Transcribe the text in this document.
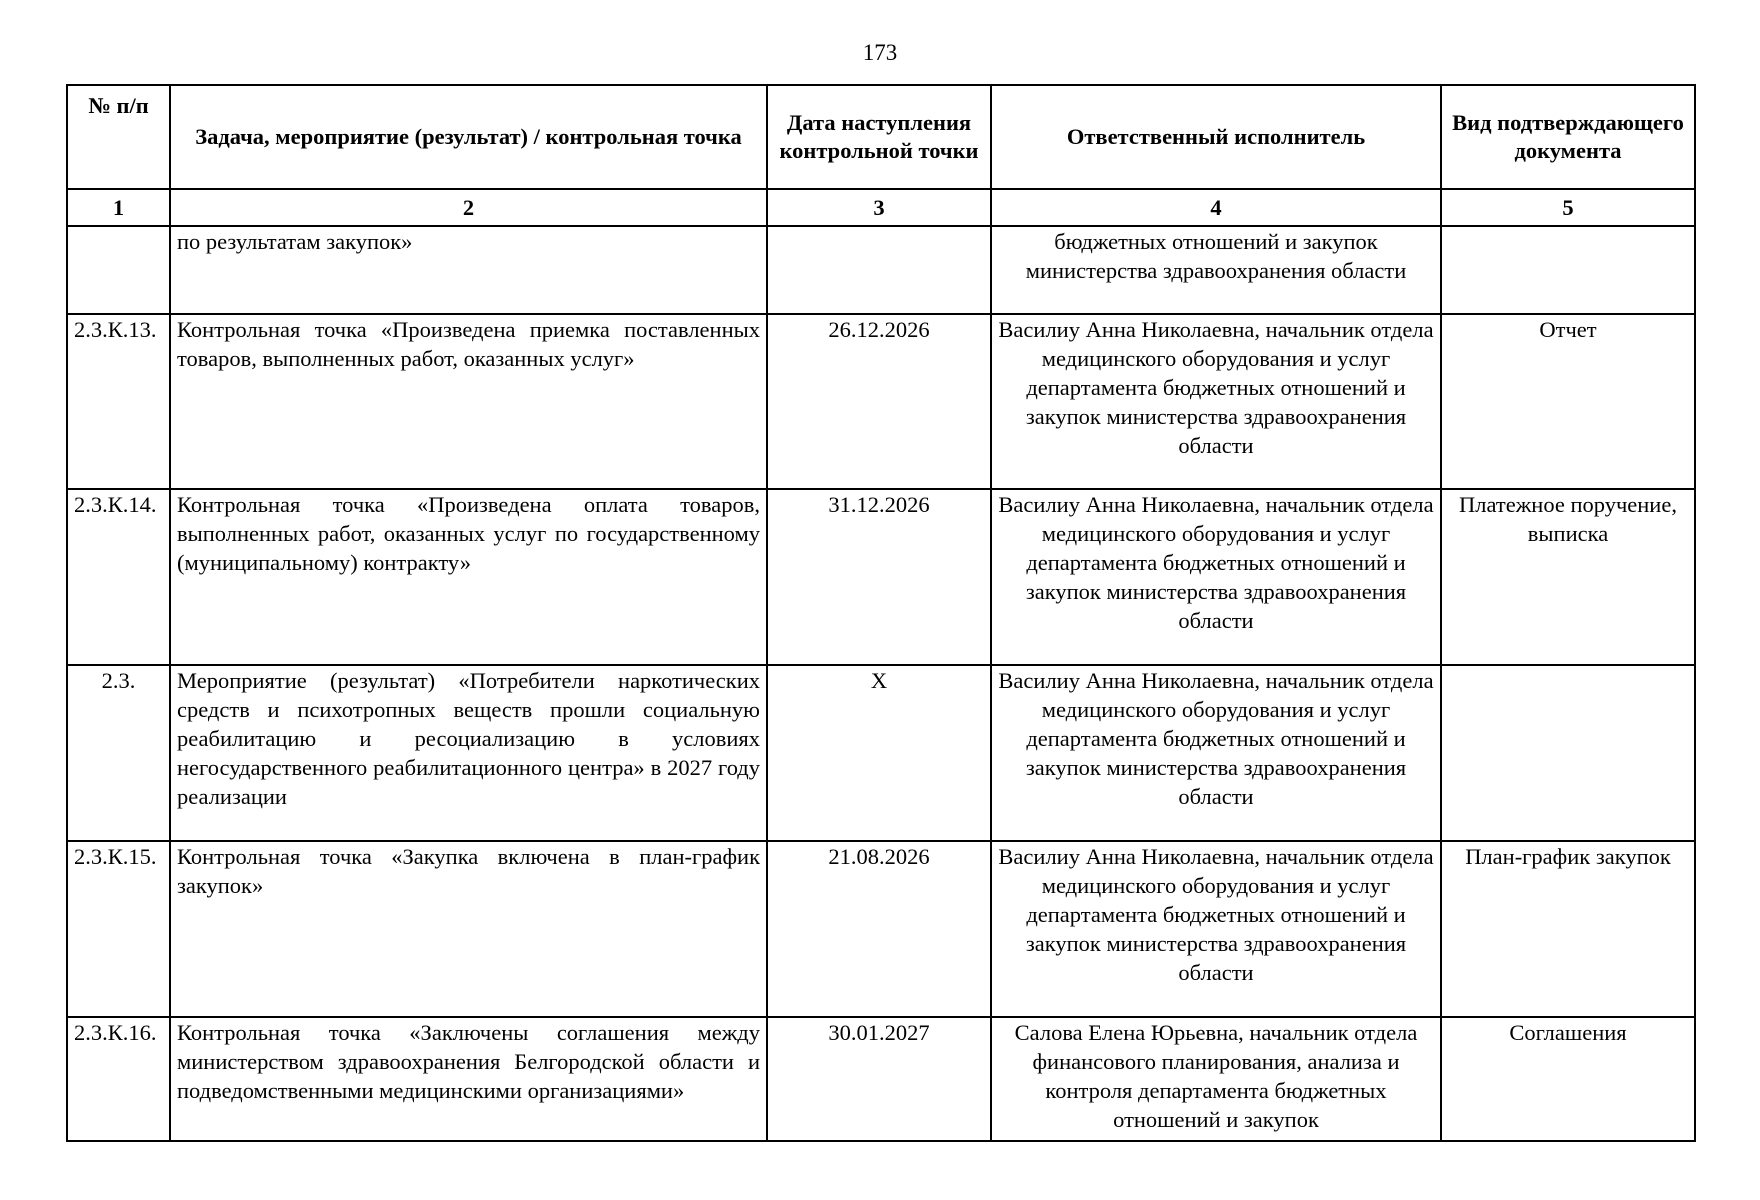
173
№ п/п	Задача, мероприятие (результат) / контрольная точка	Дата наступления контрольной точки	Ответственный исполнитель	Вид подтверждающего документа
1	2	3	4	5
	по результатам закупок»		бюджетных отношений и закупок министерства здравоохранения области	
2.3.К.13.	Контрольная точка «Произведена приемка поставленных товаров, выполненных работ, оказанных услуг»	26.12.2026	Василиу Анна Николаевна, начальник отдела медицинского оборудования и услуг департамента бюджетных отношений и закупок министерства здравоохранения области	Отчет
2.3.К.14.	Контрольная точка «Произведена оплата товаров, выполненных работ, оказанных услуг по государственному (муниципальному) контракту»	31.12.2026	Василиу Анна Николаевна, начальник отдела медицинского оборудования и услуг департамента бюджетных отношений и закупок министерства здравоохранения области	Платежное поручение, выписка
2.3.	Мероприятие (результат) «Потребители наркотических средств и психотропных веществ прошли социальную реабилитацию и ресоциализацию в условиях негосударственного реабилитационного центра» в 2027 году реализации	X	Василиу Анна Николаевна, начальник отдела медицинского оборудования и услуг департамента бюджетных отношений и закупок министерства здравоохранения области	
2.3.К.15.	Контрольная точка «Закупка включена в план-график закупок»	21.08.2026	Василиу Анна Николаевна, начальник отдела медицинского оборудования и услуг департамента бюджетных отношений и закупок министерства здравоохранения области	План-график закупок
2.3.К.16.	Контрольная точка «Заключены соглашения между министерством здравоохранения Белгородской области и подведомственными медицинскими организациями»	30.01.2027	Салова Елена Юрьевна, начальник отдела финансового планирования, анализа и контроля департамента бюджетных отношений и закупок	Соглашения
